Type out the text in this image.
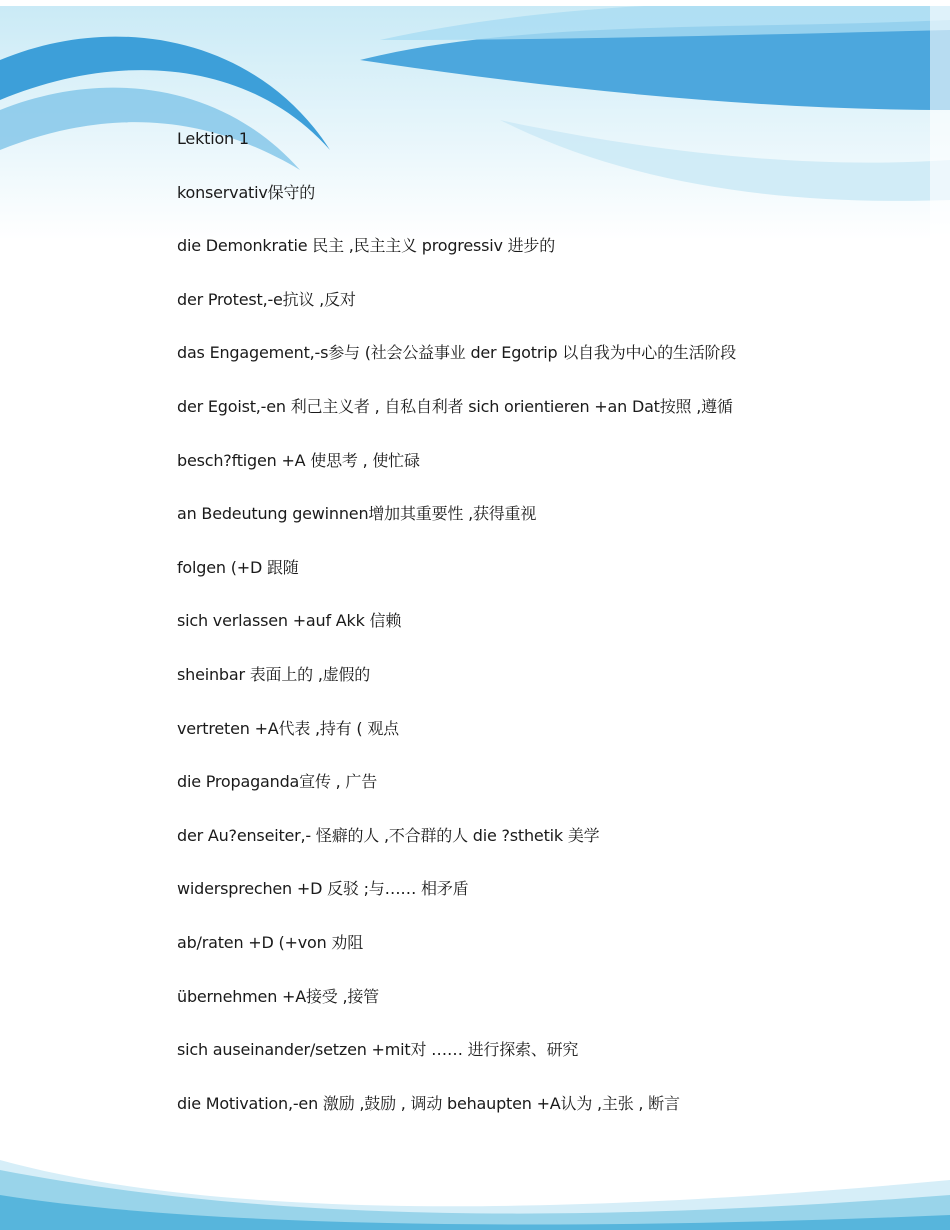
Lektion 1
konservativ保守的
die Demonkratie 民主 ,民主主义 progressiv 进步的
der Protest,-e抗议 ,反对
das Engagement,-s参与 (社会公益事业 der Egotrip 以自我为中心的生活阶段
der Egoist,-en 利己主义者 , 自私自利者 sich orientieren +an Dat按照 ,遵循
besch?ftigen +A 使思考 , 使忙碌
an Bedeutung gewinnen增加其重要性 ,获得重视
folgen (+D 跟随
sich verlassen +auf Akk 信赖
sheinbar 表面上的 ,虚假的
vertreten +A代表 ,持有 ( 观点
die Propaganda宣传 , 广告
der Au?enseiter,- 怪癖的人 ,不合群的人 die ?sthetik 美学
widersprechen +D 反驳 ;与…… 相矛盾
ab/raten +D (+von 劝阻
übernehmen +A接受 ,接管
sich auseinander/setzen +mit对 …… 进行探索、研究
die Motivation,-en 激励 ,鼓励 , 调动 behaupten +A认为 ,主张 , 断言
